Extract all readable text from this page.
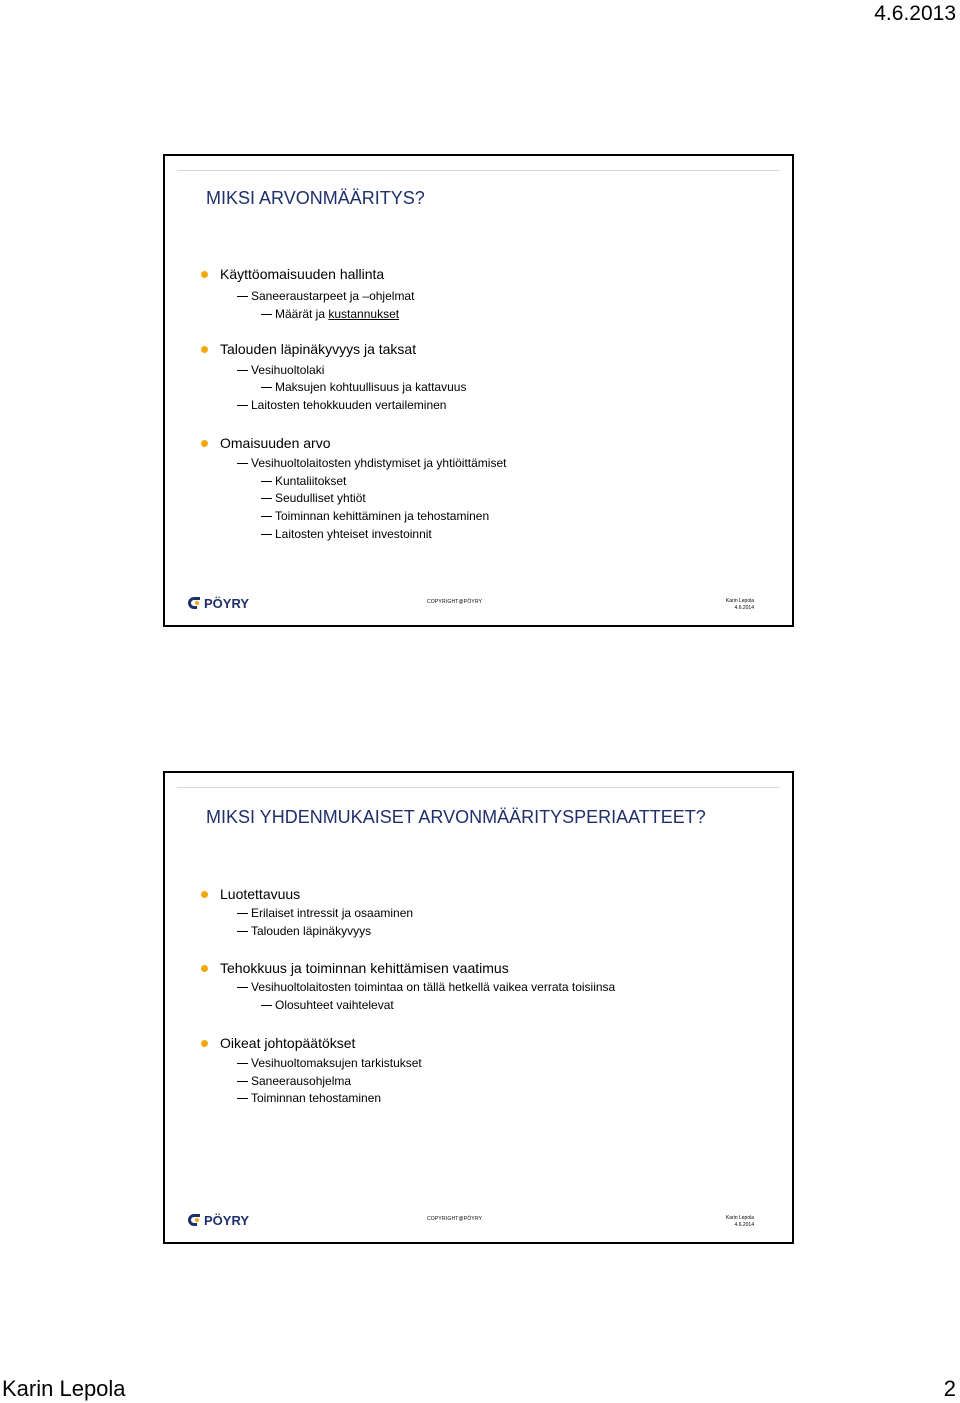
4.6.2013
MIKSI ARVONMÄÄRITYS?
Käyttöomaisuuden hallinta
Saneeraustarpeet ja –ohjelmat
Määrät ja kustannukset
Talouden läpinäkyvyys ja taksat
Vesihuoltolaki
Maksujen kohtuullisuus ja kattavuus
Laitosten tehokkuuden vertaileminen
Omaisuuden arvo
Vesihuoltolaitosten yhdistymiset ja yhtiöittämiset
Kuntaliitokset
Seudulliset yhtiöt
Toiminnan kehittäminen ja tehostaminen
Laitosten yhteiset investoinnit
PÖYRY	COPYRIGHT@PÖYRY	Karin Lepola
4.6.2014
MIKSI YHDENMUKAISET ARVONMÄÄRITYSPERIAATTEET?
Luotettavuus
Erilaiset intressit ja osaaminen
Talouden läpinäkyvyys
Tehokkuus ja toiminnan kehittämisen vaatimus
Vesihuoltolaitosten toimintaa on tällä hetkellä vaikea verrata toisiinsa
Olosuhteet vaihtelevat
Oikeat johtopäätökset
Vesihuoltomaksujen tarkistukset
Saneerausohjelma
Toiminnan tehostaminen
PÖYRY	COPYRIGHT@PÖYRY	Karin Lepola
4.6.2014
Karin Lepola	2
